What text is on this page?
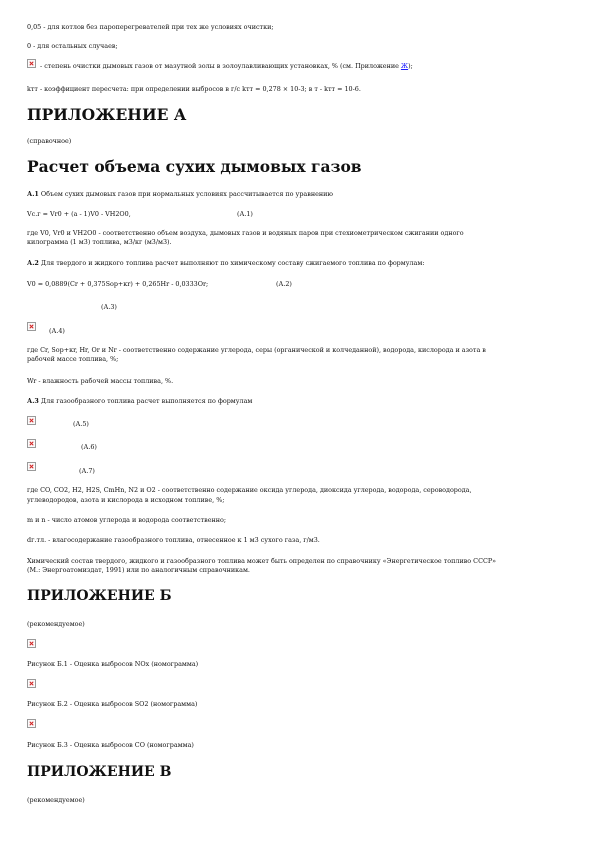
0,05 - для котлов без пароперегревателей при тех же условиях очистки;
0 - для остальных случаев;
- степень очистки дымовых газов от мазутной золы в золоулавливающих установках, % (см. Приложение Ж);
kтт - коэффициент пересчета: при определении выбросов в г/с kтт = 0,278 × 10-3; в т - kтт = 10-6.
ПРИЛОЖЕНИЕ А
(справочное)
Расчет объема сухих дымовых газов
А.1 Объем сухих дымовых газов при нормальных условиях рассчитывается по уравнению
Vс.г = Vr0 + (a - 1)V0 - VH2O0,	(А.1)
где V0, Vr0 и VH2O0 - соответственно объем воздуха, дымовых газов и водяных паров при стехиометрическом сжигании одного
килограмма (1 м3) топлива, м3/кг (м3/м3).
А.2 Для твердого и жидкого топлива расчет выполняют по химическому составу сжигаемого топлива по формулам:
V0 = 0,0889(Cr + 0,375Sор+кr) + 0,265Hr - 0,0333Or;	(А.2)
(А.3)
(А.4)
где Cr, Sор+кr, Hr, Or и Nr - соответственно содержание углерода, серы (органической и колчеданной), водорода, кислорода и азота в
рабочей массе топлива, %;
Wr - влажность рабочей массы топлива, %.
А.3 Для газообразного топлива расчет выполняется по формулам
(А.5)
(А.6)
(А.7)
где CO, CO2, H2, H2S, CmHn, N2 и O2 - соответственно содержание оксида углерода, диоксида углерода, водорода, сероводорода,
углеводородов, азота и кислорода в исходном топливе, %;
m и n - число атомов углерода и водорода соответственно;
dг.тл. - влагосодержание газообразного топлива, отнесенное к 1 м3 сухого газа, г/м3.
Химический состав твердого, жидкого и газообразного топлива может быть определен по справочнику «Энергетическое топливо СССР»
(М.: Энергоатомиздат, 1991) или по аналогичным справочникам.
ПРИЛОЖЕНИЕ Б
(рекомендуемое)
Рисунок Б.1 - Оценка выбросов NOx (номограмма)
Рисунок Б.2 - Оценка выбросов SO2 (номограмма)
Рисунок Б.3 - Оценка выбросов CO (номограмма)
ПРИЛОЖЕНИЕ В
(рекомендуемое)
